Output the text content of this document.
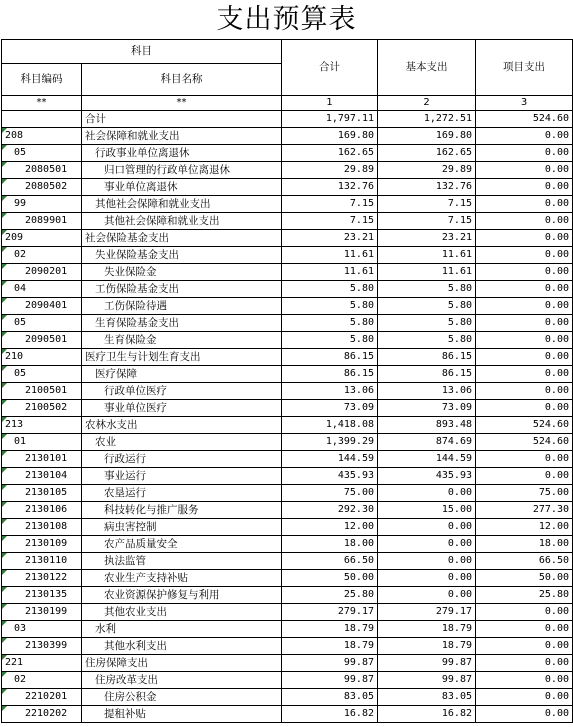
支出预算表
科目		合计	基本支出	项目支出
科目编码	科目名称			
**	**	1	2	3
	合计	1,797.11	1,272.51	524.60
208	社会保障和就业支出	169.80	169.80	0.00
05	行政事业单位离退休	162.65	162.65	0.00
2080501	归口管理的行政单位离退休	29.89	29.89	0.00
2080502	事业单位离退休	132.76	132.76	0.00
99	其他社会保障和就业支出	7.15	7.15	0.00
2089901	其他社会保障和就业支出	7.15	7.15	0.00
209	社会保险基金支出	23.21	23.21	0.00
02	失业保险基金支出	11.61	11.61	0.00
2090201	失业保险金	11.61	11.61	0.00
04	工伤保险基金支出	5.80	5.80	0.00
2090401	工伤保险待遇	5.80	5.80	0.00
05	生育保险基金支出	5.80	5.80	0.00
2090501	生育保险金	5.80	5.80	0.00
210	医疗卫生与计划生育支出	86.15	86.15	0.00
05	医疗保障	86.15	86.15	0.00
2100501	行政单位医疗	13.06	13.06	0.00
2100502	事业单位医疗	73.09	73.09	0.00
213	农林水支出	1,418.08	893.48	524.60
01	农业	1,399.29	874.69	524.60
2130101	行政运行	144.59	144.59	0.00
2130104	事业运行	435.93	435.93	0.00
2130105	农垦运行	75.00	0.00	75.00
2130106	科技转化与推广服务	292.30	15.00	277.30
2130108	病虫害控制	12.00	0.00	12.00
2130109	农产品质量安全	18.00	0.00	18.00
2130110	执法监管	66.50	0.00	66.50
2130122	农业生产支持补贴	50.00	0.00	50.00
2130135	农业资源保护修复与利用	25.80	0.00	25.80
2130199	其他农业支出	279.17	279.17	0.00
03	水利	18.79	18.79	0.00
2130399	其他水利支出	18.79	18.79	0.00
221	住房保障支出	99.87	99.87	0.00
02	住房改革支出	99.87	99.87	0.00
2210201	住房公积金	83.05	83.05	0.00
2210202	提租补贴	16.82	16.82	0.00
